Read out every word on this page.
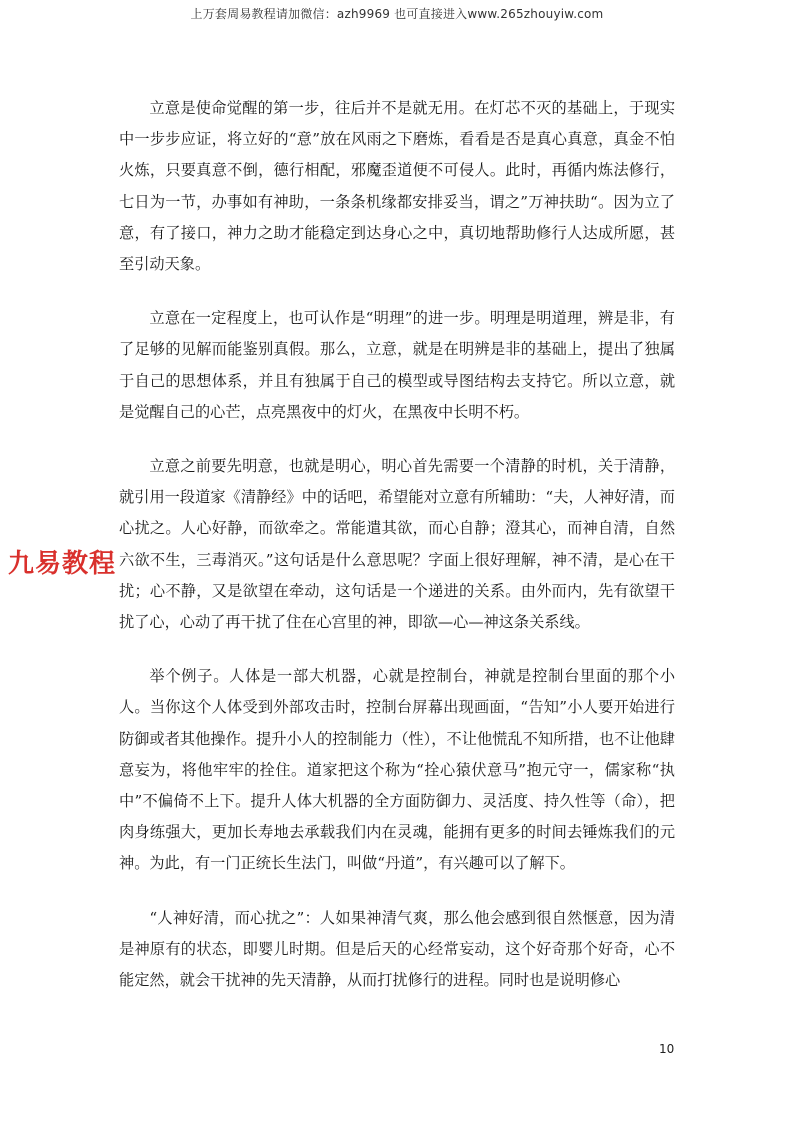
上万套周易教程请加微信：azh9969 也可直接进入www.265zhouyiw.com

立意是使命觉醒的第一步，往后并不是就无用。在灯芯不灭的基础上，于现实中一步步应证，将立好的“意”放在风雨之下磨炼，看看是否是真心真意，真金不怕火炼，只要真意不倒，德行相配，邪魔歪道便不可侵人。此时，再循内炼法修行，七日为一节，办事如有神助，一条条机缘都安排妥当，谓之”万神扶助“。因为立了意，有了接口，神力之助才能稳定到达身心之中，真切地帮助修行人达成所愿，甚至引动天象。

立意在一定程度上，也可认作是“明理”的进一步。明理是明道理，辨是非，有了足够的见解而能鉴别真假。那么，立意，就是在明辨是非的基础上，提出了独属于自己的思想体系，并且有独属于自己的模型或导图结构去支持它。所以立意，就是觉醒自己的心芒，点亮黑夜中的灯火，在黑夜中长明不朽。

立意之前要先明意，也就是明心，明心首先需要一个清静的时机，关于清静，就引用一段道家《清静经》中的话吧，希望能对立意有所辅助：“夫，人神好清，而心扰之。人心好静，而欲牵之。常能遣其欲，而心自静；澄其心，而神自清，自然六欲不生，三毒消灭。”这句话是什么意思呢？字面上很好理解，神不清，是心在干扰；心不静，又是欲望在牵动，这句话是一个递进的关系。由外而内，先有欲望干扰了心，心动了再干扰了住在心宫里的神，即欲—心—神这条关系线。

举个例子。人体是一部大机器，心就是控制台，神就是控制台里面的那个小人。当你这个人体受到外部攻击时，控制台屏幕出现画面，“告知”小人要开始进行防御或者其他操作。提升小人的控制能力（性），不让他慌乱不知所措，也不让他肆意妄为，将他牢牢的拴住。道家把这个称为“拴心猿伏意马”抱元守一，儒家称“执中”不偏倚不上下。提升人体大机器的全方面防御力、灵活度、持久性等（命），把肉身练强大，更加长寿地去承载我们内在灵魂，能拥有更多的时间去锤炼我们的元神。为此，有一门正统长生法门，叫做“丹道”，有兴趣可以了解下。

“人神好清，而心扰之”：人如果神清气爽，那么他会感到很自然惬意，因为清是神原有的状态，即婴儿时期。但是后天的心经常妄动，这个好奇那个好奇，心不能定然，就会干扰神的先天清静，从而打扰修行的进程。同时也是说明修心

九易教程
10
